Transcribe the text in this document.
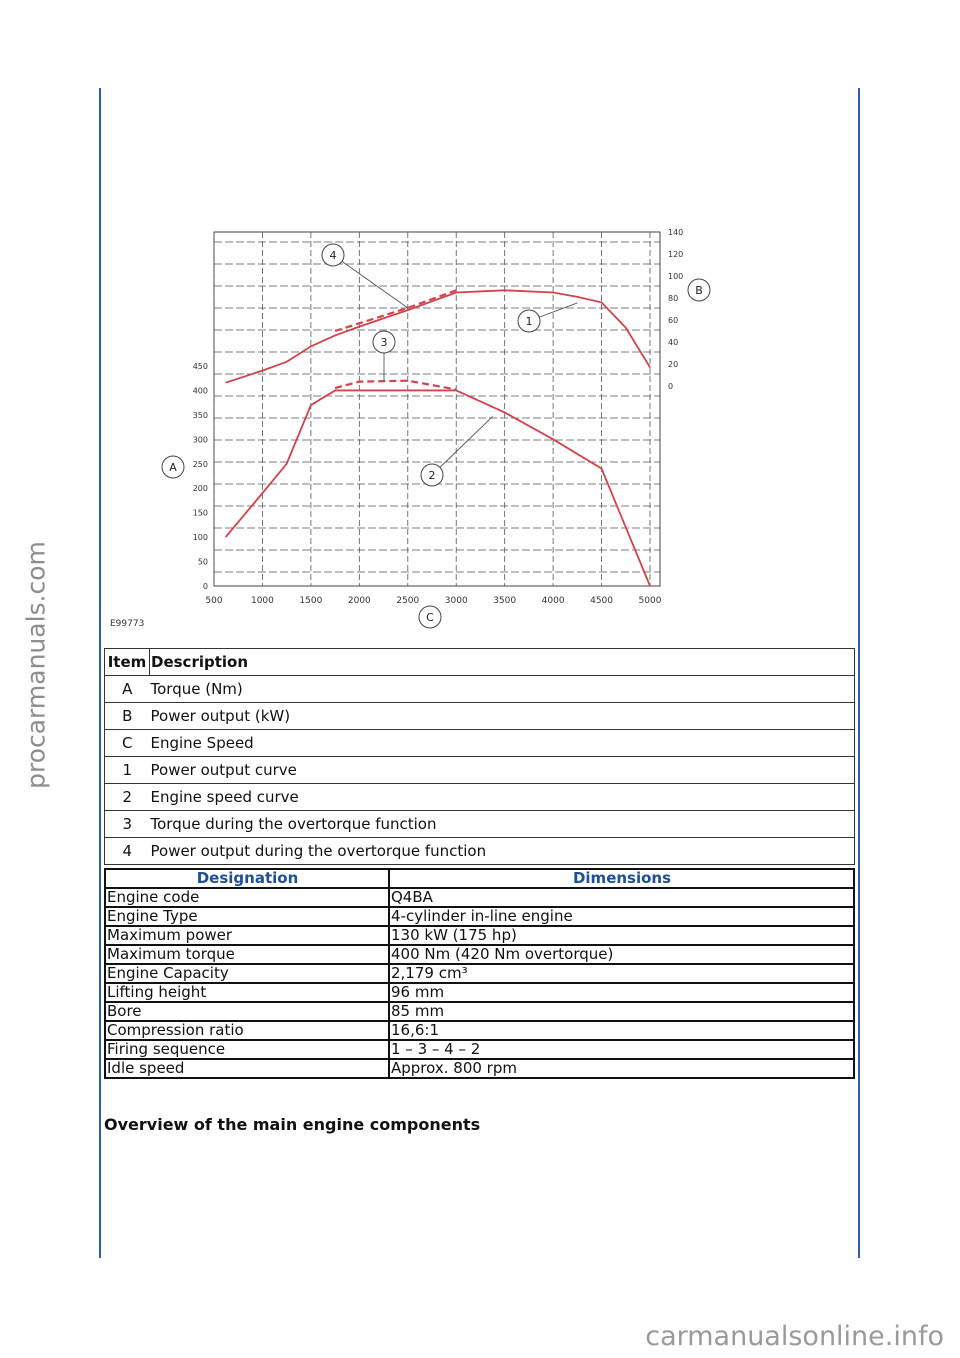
procarmanuals.com	0
50
100
150
200
250
300
350
400
450
0
20
40
60
80
100
120
140
500	1000	1500	2000	2500	3000	3500	4000	4500	5000
A
B
C
1
2
3
4
E99773
Item	Description
A	Torque (Nm)
B	Power output (kW)
C	Engine Speed
1	Power output curve
2	Engine speed curve
3	Torque during the overtorque function
4	Power output during the overtorque function
Designation	Dimensions
Engine code	Q4BA
Engine Type	4-cylinder in-line engine
Maximum power	130 kW (175 hp)
Maximum torque	400 Nm (420 Nm overtorque)
Engine Capacity	2,179 cm³
Lifting height	96 mm
Bore	85 mm
Compression ratio	16,6:1
Firing sequence	1 – 3 – 4 – 2
Idle speed	Approx. 800 rpm
Overview of the main engine components
carmanualsonline.info
